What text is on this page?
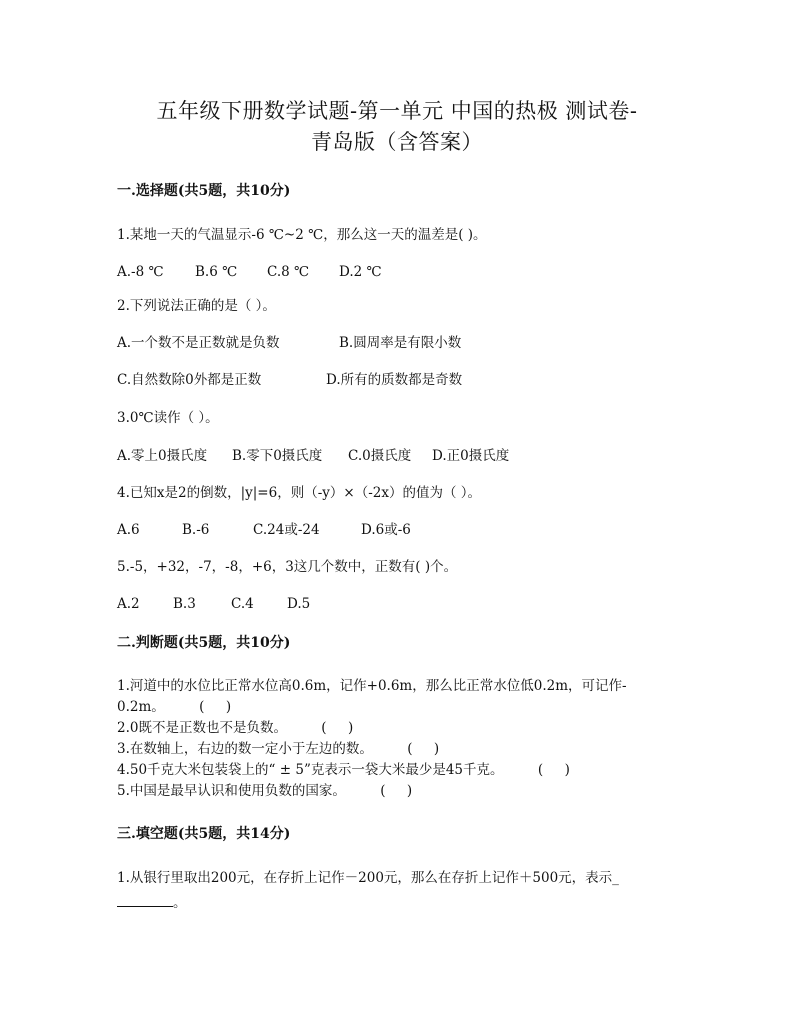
五年级下册数学试题-第一单元 中国的热极 测试卷-
青岛版（含答案）
一.选择题(共5题，共10分)
1.某地一天的气温显示-6 ℃~2 ℃，那么这一天的温差是( )。
A.-8 ℃ B.6 ℃ C.8 ℃ D.2 ℃
2.下列说法正确的是（ ）。
A.一个数不是正数就是负数	B.圆周率是有限小数
C.自然数除0外都是正数	D.所有的质数都是奇数
3.0℃读作（ ）。
A.零上0摄氏度 B.零下0摄氏度 C.0摄氏度 D.正0摄氏度
4.已知x是2的倒数，|y|=6，则（-y）×（-2x）的值为（ ）。
A.6	B.-6	C.24或-24	D.6或-6
5.-5，+32，-7，-8，+6，3这几个数中，正数有( )个。
A.2 B.3	C.4 D.5
二.判断题(共5题，共10分)
1.河道中的水位比正常水位高0.6m，记作+0.6m，那么比正常水位低0.2m，可记作-
0.2m。        (     )
2.0既不是正数也不是负数。        (     )
3.在数轴上，右边的数一定小于左边的数。        (     )
4.50千克大米包装袋上的“ ± 5”克表示一袋大米最少是45千克。        (     )
5.中国是最早认识和使用负数的国家。        (     )
三.填空题(共5题，共14分)
1.从银行里取出200元，在存折上记作－200元，那么在存折上记作＋500元，表示_
。
